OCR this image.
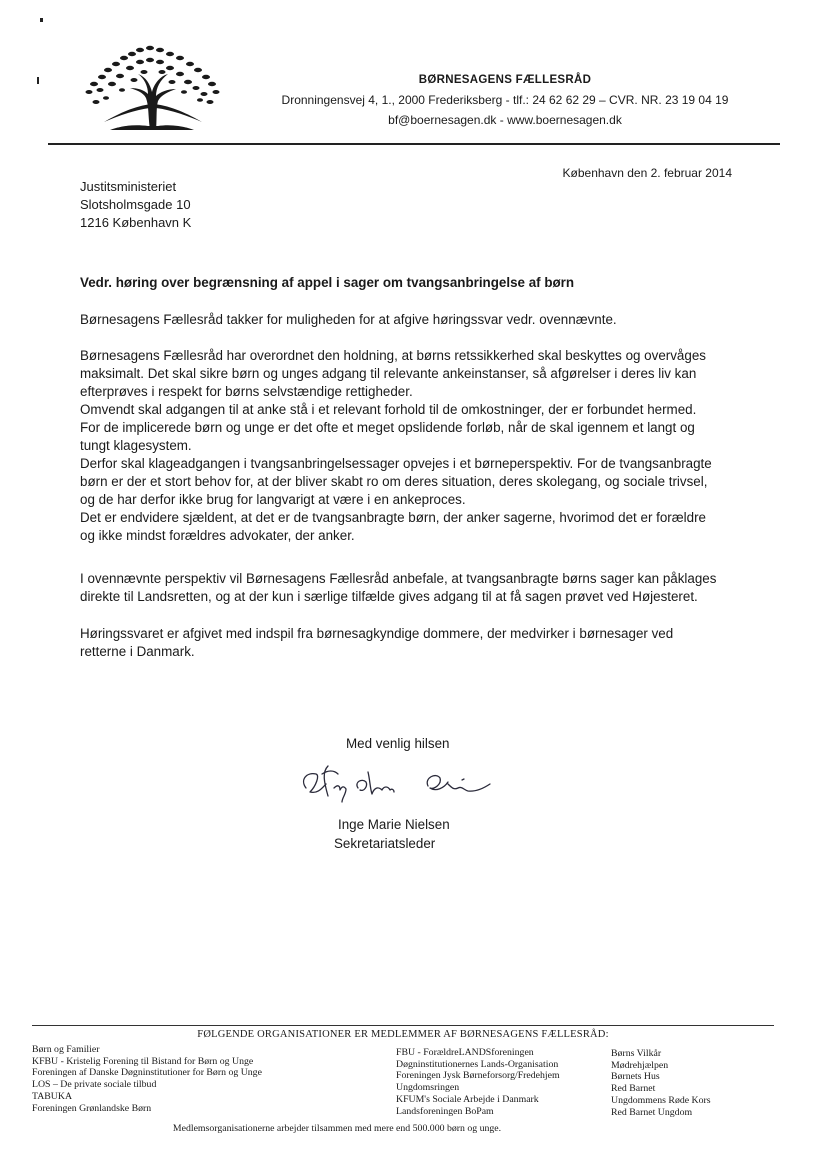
BØRNESAGENS FÆLLESRÅD
Dronningensvej 4, 1., 2000 Frederiksberg - tlf.: 24 62 62 29 – CVR. NR. 23 19 04 19
bf@boernesagen.dk - www.boernesagen.dk
København den 2. februar 2014
Justitsministeriet
Slotsholmsgade 10
1216 København K
Vedr. høring over begrænsning af appel i sager om tvangsanbringelse af børn

Børnesagens Fællesråd takker for muligheden for at afgive høringssvar vedr. ovennævnte.

Børnesagens Fællesråd har overordnet den holdning, at børns retssikkerhed skal beskyttes og overvåges

maksimalt. Det skal sikre børn og unges adgang til relevante ankeinstanser, så afgørelser i deres liv kan

efterprøves i respekt for børns selvstændige rettigheder.

Omvendt skal adgangen til at anke stå i et relevant forhold til de omkostninger, der er forbundet hermed.

For de implicerede børn og unge er det ofte et meget opslidende forløb, når de skal igennem et langt og

tungt klagesystem.

Derfor skal klageadgangen i tvangsanbringelsessager opvejes i et børneperspektiv. For de tvangsanbragte

børn er der et stort behov for, at der bliver skabt ro om deres situation, deres skolegang, og sociale trivsel,

og de har derfor ikke brug for langvarigt at være i en ankeproces.

Det er endvidere sjældent, at det er de tvangsanbragte børn, der anker sagerne, hvorimod det er forældre

og ikke mindst forældres advokater, der anker.

I ovennævnte perspektiv vil Børnesagens Fællesråd anbefale, at tvangsanbragte børns sager kan påklages

direkte til Landsretten, og at der kun i særlige tilfælde gives adgang til at få sagen prøvet ved Højesteret.

Høringssvaret er afgivet med indspil fra børnesagkyndige dommere, der medvirker i børnesager ved

retterne i Danmark.

Med venlig hilsen
Inge Marie Nielsen
Sekretariatsleder
FØLGENDE ORGANISATIONER ER MEDLEMMER AF BØRNESAGENS FÆLLESRÅD:
Børn og Familier
KFBU - Kristelig Forening til Bistand for Børn og Unge
Foreningen af Danske Døgninstitutioner for Børn og Unge
LOS – De private sociale tilbud
TABUKA
Foreningen Grønlandske Børn
FBU - ForældreLANDSforeningen
Døgninstitutionernes Lands-Organisation
Foreningen Jysk Børneforsorg/Fredehjem
Ungdomsringen
KFUM's Sociale Arbejde i Danmark
Landsforeningen BoPam
Børns Vilkår
Mødrehjælpen
Børnets Hus
Red Barnet
Ungdommens Røde Kors
Red Barnet Ungdom
Medlemsorganisationerne arbejder tilsammen med mere end 500.000 børn og unge.
